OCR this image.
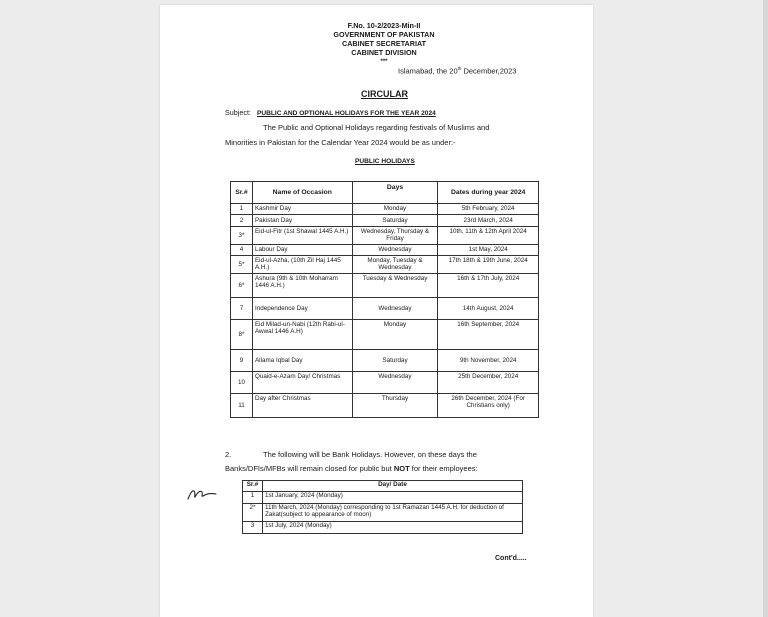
F.No. 10-2/2023-Min-II
GOVERNMENT OF PAKISTAN
CABINET SECRETARIAT
CABINET DIVISION
***
Islamabad, the 20th December,2023
CIRCULAR
Subject: PUBLIC AND OPTIONAL HOLIDAYS FOR THE YEAR 2024
The Public and Optional Holidays regarding festivals of Muslims and
Minorities in Pakistan for the Calendar Year 2024 would be as under:-
PUBLIC HOLIDAYS
Sr.#	Name of Occasion	Days	Dates during year 2024
1	Kashmir Day	Monday	5th February, 2024
2	Pakistan Day	Saturday	23rd March, 2024
3*	Eid-ul-Fitr (1st Shawal 1445 A.H.)	Wednesday, Thursday & Friday	10th, 11th & 12th April 2024
4	Labour Day	Wednesday	1st May, 2024
5*	Eid-ul-Azha, (10th Zil Haj 1445 A.H.)	Monday, Tuesday & Wednesday	17th 18th & 19th June, 2024
6*	Ashura (9th & 10th Moharram 1446 A.H.)	Tuesday & Wednesday	16th & 17th July, 2024
7	Independence Day	Wednesday	14th August, 2024
8*	Eid Milad-un-Nabi (12th Rabi-ul- Awwal 1446 A.H)	Monday	16th September, 2024
9	Allama Iqbal Day	Saturday	9th November, 2024
10	Quaid-e-Azam Day/ Christmas	Wednesday	25th December, 2024
11	Day after Christmas	Thursday	26th December, 2024 (For Christians only)
2.	The following will be Bank Holidays. However, on these days the
Banks/DFIs/MFBs will remain closed for public but NOT for their employees:
Sr.#	Day/ Date
1	1st January, 2024 (Monday)
2*	11th March, 2024 (Monday) corresponding to 1st Ramazan 1445 A.H. for deduction of Zakat(subject to appearance of moon)
3	1st July, 2024 (Monday)
Cont'd.....
